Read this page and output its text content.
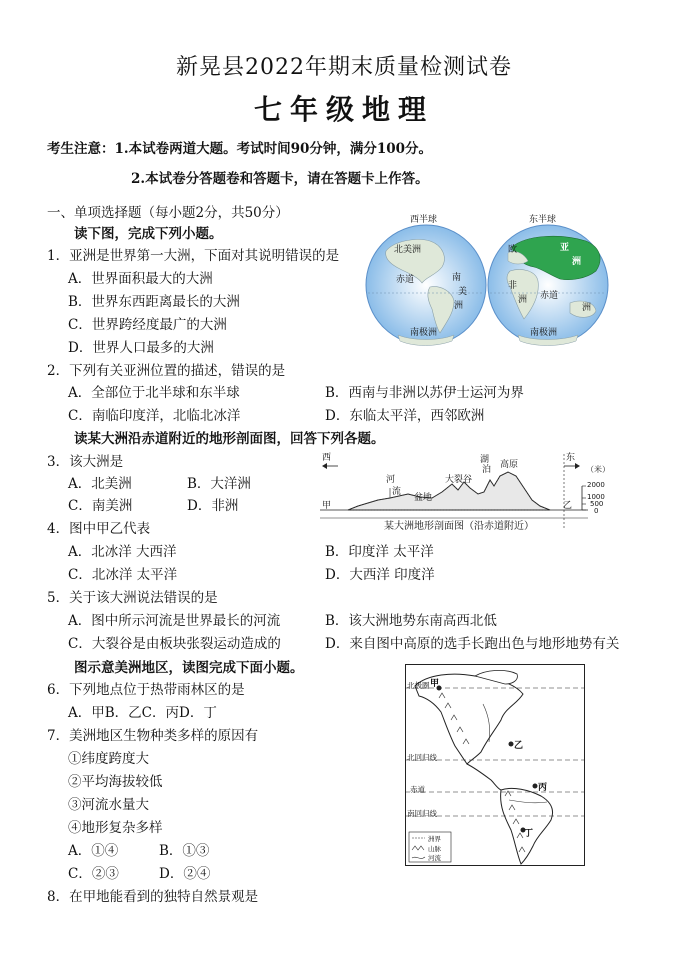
新晃县2022年期末质量检测试卷
七年级地理
考生注意：1.本试卷两道大题。考试时间90分钟，满分100分。
2.本试卷分答题卷和答题卡，请在答题卡上作答。
一、单项选择题（每小题2分，共50分）
读下图，完成下列小题。
1．亚洲是世界第一大洲，下面对其说明错误的是
A．世界面积最大的大洲
B．世界东西距离最长的大洲
C．世界跨经度最广的大洲
D．世界人口最多的大洲
西半球	东半球
北美洲
赤道	南
美
洲
南极洲
欧	亚
洲
非
洲 赤道
洲
南极洲
2．下列有关亚洲位置的描述，错误的是
A．全部位于北半球和东半球	B．西南与非洲以苏伊士运河为界
C．南临印度洋，北临北冰洋	D．东临太平洋，西邻欧洲
读某大洲沿赤道附近的地形剖面图，回答下列各题。
3．该大洲是
A．北美洲	B．大洋洲
C．南美洲	D．非洲
西	东
甲	乙
河
流
盆地
大裂谷
湖
泊 高原	（米）
2000
1000
500
0
某大洲地形剖面图（沿赤道附近）
4．图中甲乙代表
A．北冰洋 大西洋	B．印度洋 太平洋
C．北冰洋 太平洋	D．大西洋 印度洋
5．关于该大洲说法错误的是
A．图中所示河流是世界最长的河流	B．该大洲地势东南高西北低
C．大裂谷是由板块张裂运动造成的	D．来自图中高原的选手长跑出色与地形地势有关
图示意美洲地区，读图完成下面小题。
6．下列地点位于热带雨林区的是
A．甲B．乙C．丙D．丁
7．美洲地区生物种类多样的原因有
①纬度跨度大
②平均海拔较低
③河流水量大
④地形复杂多样
A．①④	B．①③
C．②③	D．②④
8．在甲地能看到的独特自然景观是
北极圈
北回归线
赤道
南回归线
甲
乙
丙
丁
洲界
山脉
河流
